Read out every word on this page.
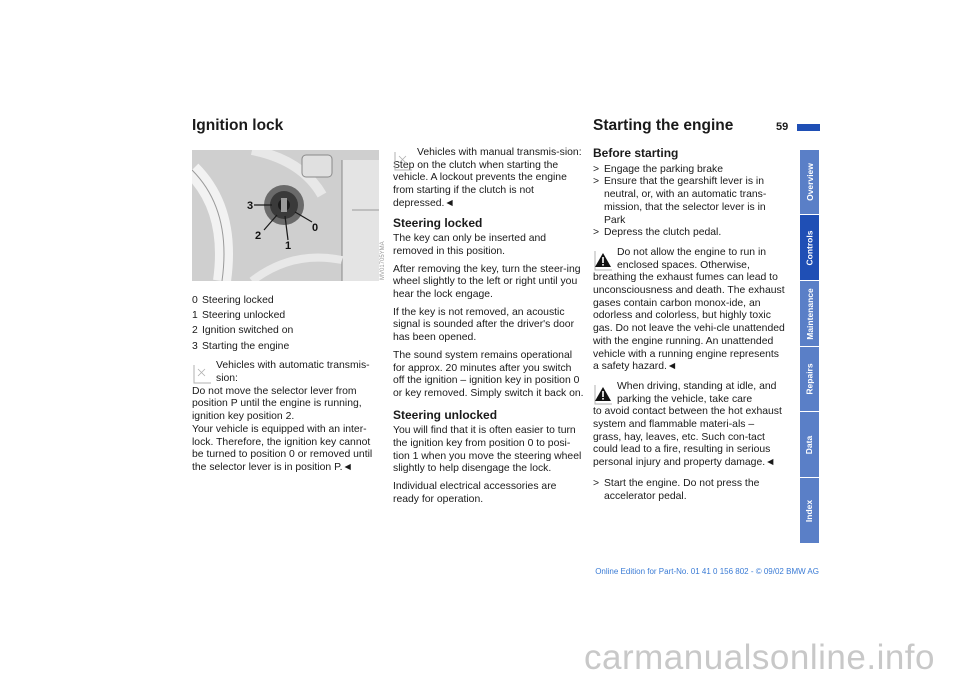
Ignition lock	Starting the engine	59
3
2
1
0
MV01705YMA
0 Steering locked
1 Steering unlocked
2 Ignition switched on
3 Starting the engine
Vehicles with automatic transmis-sion:
Do not move the selector lever from position P until the engine is running, ignition key position 2.
Your vehicle is equipped with an inter-lock. Therefore, the ignition key cannot be turned to position 0 or removed until the selector lever is in position P.◄
Vehicles with manual transmis-sion:
Step on the clutch when starting the vehicle. A lockout prevents the engine from starting if the clutch is not depressed.◄
Steering locked

The key can only be inserted and removed in this position.

After removing the key, turn the steer-ing wheel slightly to the left or right until you hear the lock engage.

If the key is not removed, an acoustic signal is sounded after the driver's door has been opened.

The sound system remains operational for approx. 20 minutes after you switch off the ignition – ignition key in position 0 or key removed. Simply switch it back on.

Steering unlocked

You will find that it is often easier to turn the ignition key from position 0 to posi-tion 1 when you move the steering wheel slightly to help disengage the lock.

Individual electrical accessories are ready for operation.

Before starting
> Engage the parking brake
> Ensure that the gearshift lever is in neutral, or, with an automatic trans-mission, that the selector lever is in Park
> Depress the clutch pedal.
Do not allow the engine to run in enclosed spaces. Otherwise,
breathing the exhaust fumes can lead to unconsciousness and death. The exhaust gases contain carbon monox-ide, an odorless and colorless, but highly toxic gas. Do not leave the vehi-cle unattended with the engine running. An unattended vehicle with a running engine represents a safety hazard.◄
When driving, standing at idle, and parking the vehicle, take care
to avoid contact between the hot exhaust system and flammable materi-als – grass, hay, leaves, etc. Such con-tact could lead to a fire, resulting in serious personal injury and property damage.◄
> Start the engine. Do not press the accelerator pedal.
Overview
Controls
Maintenance
Repairs
Data
Index
Online Edition for Part-No. 01 41 0 156 802 - © 09/02 BMW AG
carmanualsonline.info
